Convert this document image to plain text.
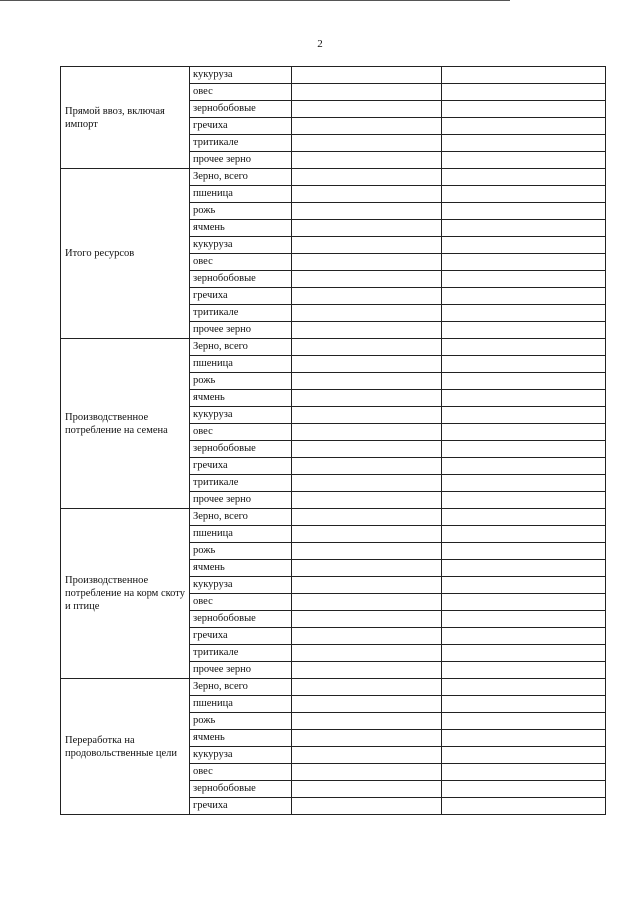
2
Прямой ввоз, включая импорт	кукуруза		
	овес		
	зернобобовые		
	гречиха		
	тритикале		
	прочее зерно		
Итого ресурсов	Зерно, всего		
	пшеница		
	рожь		
	ячмень		
	кукуруза		
	овес		
	зернобобовые		
	гречиха		
	тритикале		
	прочее зерно		
Производственное потребление на семена	Зерно, всего		
	пшеница		
	рожь		
	ячмень		
	кукуруза		
	овес		
	зернобобовые		
	гречиха		
	тритикале		
	прочее зерно		
Производственное потребление на корм скоту и птице	Зерно, всего		
	пшеница		
	рожь		
	ячмень		
	кукуруза		
	овес		
	зернобобовые		
	гречиха		
	тритикале		
	прочее зерно		
Переработка на продовольственные цели	Зерно, всего		
	пшеница		
	рожь		
	ячмень		
	кукуруза		
	овес		
	зернобобовые		
	гречиха		
